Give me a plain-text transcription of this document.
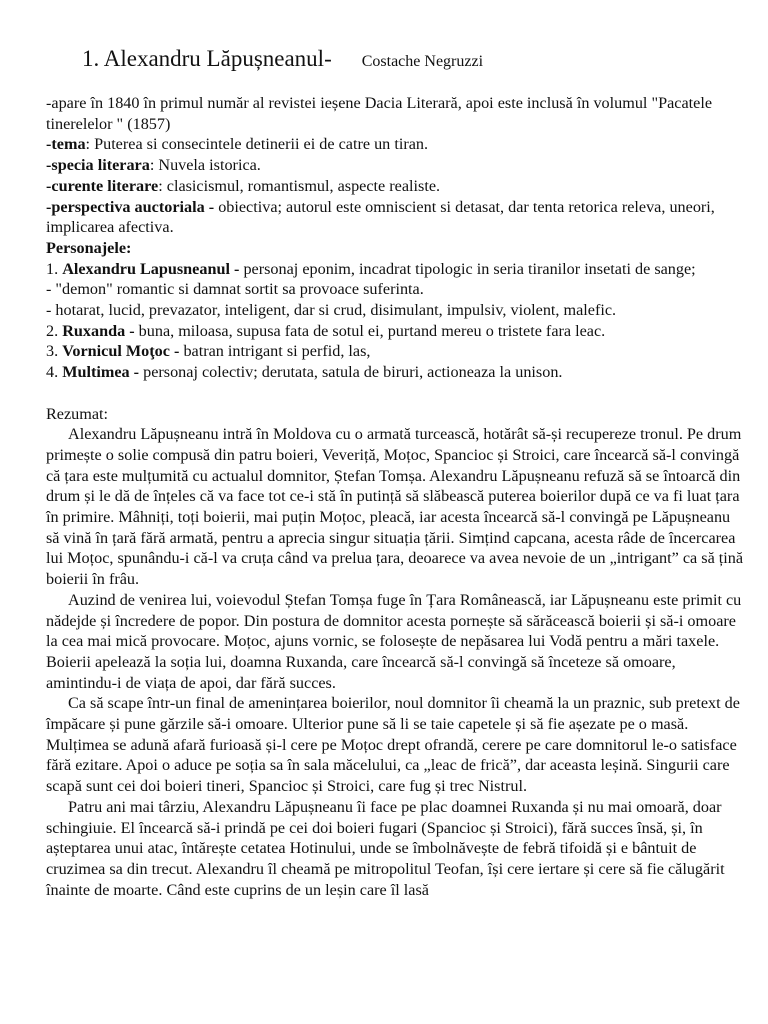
1. Alexandru Lăpușneanul- Costache Negruzzi

-apare în 1840 în primul număr al revistei ieșene Dacia Literară, apoi este inclusă în volumul "Pacatele tinerelelor " (1857)

-tema: Puterea si consecintele detinerii ei de catre un tiran.

-specia literara: Nuvela istorica.

-curente literare: clasicismul, romantismul, aspecte realiste.

-perspectiva auctoriala - obiectiva; autorul este omniscient si detasat, dar tenta retorica releva, uneori, implicarea afectiva.

Personajele:

1. Alexandru Lapusneanul - personaj eponim, incadrat tipologic in seria tiranilor insetati de sange;

- "demon" romantic si damnat sortit sa provoace suferinta.

- hotarat, lucid, prevazator, inteligent, dar si crud, disimulant, impulsiv, violent, malefic.

2. Ruxanda - buna, miloasa, supusa fata de sotul ei, purtand mereu o tristete fara leac.

3. Vornicul Moţoc - batran intrigant si perfid, las,

4. Multimea - personaj colectiv; derutata, satula de biruri, actioneaza la unison.

Rezumat:

Alexandru Lăpușneanu intră în Moldova cu o armată turcească, hotărât să-și recupereze tronul. Pe drum primește o solie compusă din patru boieri, Veveriță, Moțoc, Spancioc și Stroici, care încearcă să-l convingă că țara este mulțumită cu actualul domnitor, Ștefan Tomșa. Alexandru Lăpușneanu refuză să se întoarcă din drum și le dă de înțeles că va face tot ce-i stă în putință să slăbească puterea boierilor după ce va fi luat țara în primire. Mâhniți, toți boierii, mai puțin Moțoc, pleacă, iar acesta încearcă să-l convingă pe Lăpușneanu să vină în țară fără armată, pentru a aprecia singur situația țării. Simțind capcana, acesta râde de încercarea lui Moțoc, spunându-i că-l va cruța când va prelua țara, deoarece va avea nevoie de un „intrigant” ca să țină boierii în frâu.

Auzind de venirea lui, voievodul Ștefan Tomșa fuge în Țara Românească, iar Lăpușneanu este primit cu nădejde și încredere de popor. Din postura de domnitor acesta pornește să sărăcească boierii și să-i omoare la cea mai mică provocare. Moțoc, ajuns vornic, se folosește de nepăsarea lui Vodă pentru a mări taxele. Boierii apelează la soția lui, doamna Ruxanda, care încearcă să-l convingă să înceteze să omoare, amintindu-i de viața de apoi, dar fără succes.

Ca să scape într-un final de amenințarea boierilor, noul domnitor îi cheamă la un praznic, sub pretext de împăcare și pune gărzile să-i omoare. Ulterior pune să li se taie capetele și să fie așezate pe o masă. Mulțimea se adună afară furioasă și-l cere pe Moțoc drept ofrandă, cerere pe care domnitorul le-o satisface fără ezitare. Apoi o aduce pe soția sa în sala măcelului, ca „leac de frică”, dar aceasta leșină. Singurii care scapă sunt cei doi boieri tineri, Spancioc și Stroici, care fug și trec Nistrul.

Patru ani mai târziu, Alexandru Lăpușneanu îi face pe plac doamnei Ruxanda și nu mai omoară, doar schingiuie. El încearcă să-i prindă pe cei doi boieri fugari (Spancioc și Stroici), fără succes însă, și, în așteptarea unui atac, întărește cetatea Hotinului, unde se îmbolnăvește de febră tifoidă și e bântuit de cruzimea sa din trecut. Alexandru îl cheamă pe mitropolitul Teofan, își cere iertare și cere să fie călugărit înainte de moarte. Când este cuprins de un leșin care îl lasă
